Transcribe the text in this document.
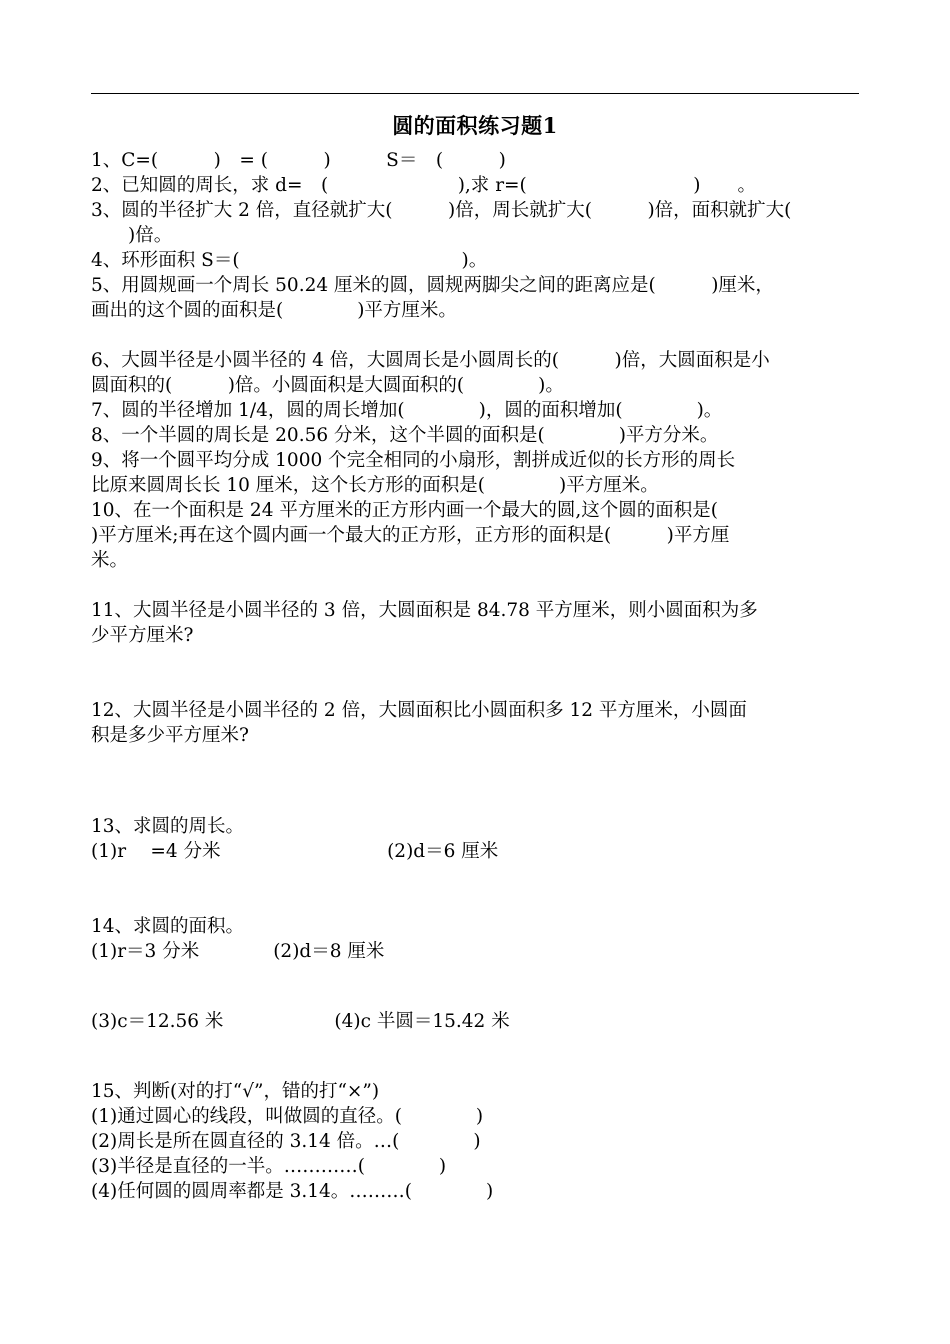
圆的面积练习题1

1、C=(　　　)　= (　　　)　　　S＝　(　　　)

2、已知圆的周长，求 d=　(　　　　　　　),求 r=(　　　　　　　　　)　　。

3、圆的半径扩大 2 倍，直径就扩大(　　　)倍，周长就扩大(　　　)倍，面积就扩大(

　　)倍。

4、环形面积 S＝(　　　　　　　　　　　　)。

5、用圆规画一个周长 50.24 厘米的圆，圆规两脚尖之间的距离应是(　　　)厘米，

画出的这个圆的面积是(　　　　)平方厘米。

6、大圆半径是小圆半径的 4 倍，大圆周长是小圆周长的(　　　)倍，大圆面积是小

圆面积的(　　　)倍。小圆面积是大圆面积的(　　　　)。

7、圆的半径增加 1/4，圆的周长增加(　　　　)，圆的面积增加(　　　　)。

8、一个半圆的周长是 20.56 分米，这个半圆的面积是(　　　　)平方分米。

9、将一个圆平均分成 1000 个完全相同的小扇形，割拼成近似的长方形的周长

比原来圆周长长 10 厘米，这个长方形的面积是(　　　　)平方厘米。

10、在一个面积是 24 平方厘米的正方形内画一个最大的圆,这个圆的面积是(

)平方厘米;再在这个圆内画一个最大的正方形，正方形的面积是(　　　)平方厘

米。

11、大圆半径是小圆半径的 3 倍，大圆面积是 84.78 平方厘米，则小圆面积为多

少平方厘米?

12、大圆半径是小圆半径的 2 倍，大圆面积比小圆面积多 12 平方厘米，小圆面

积是多少平方厘米?

13、求圆的周长。

(1)r　 =4 分米　　　　　　　　　(2)d＝6 厘米

14、求圆的面积。

(1)r＝3 分米　　　　(2)d＝8 厘米

(3)c＝12.56 米　　　　　　(4)c 半圆＝15.42 米

15、判断(对的打“√”，错的打“×”)

(1)通过圆心的线段，叫做圆的直径。(　　　　)

(2)周长是所在圆直径的 3.14 倍。…(　　　　)

(3)半径是直径的一半。…………(　　　　)

(4)任何圆的圆周率都是 3.14。………(　　　　)
